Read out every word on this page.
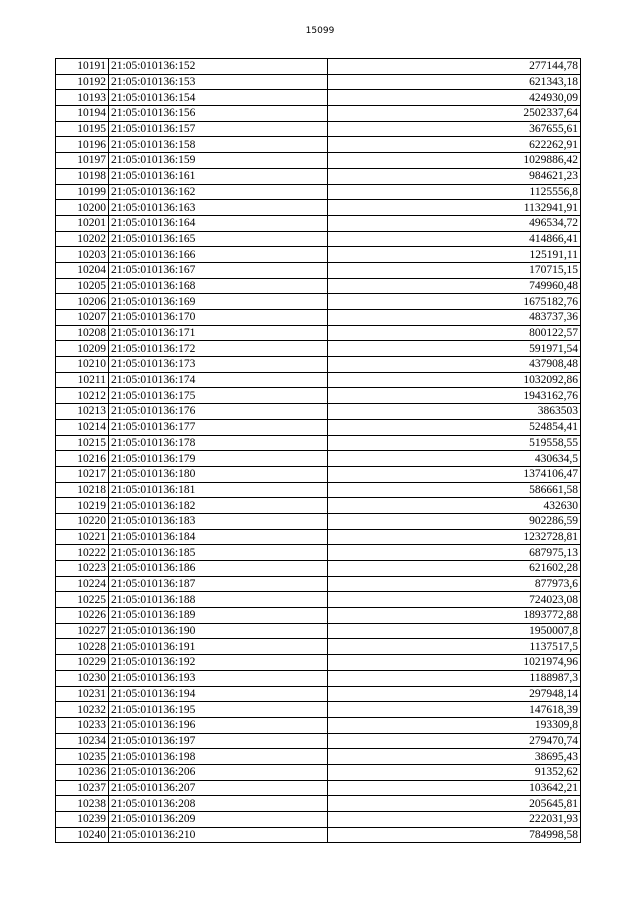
15099
10191	21:05:010136:152	277144,78
10192	21:05:010136:153	621343,18
10193	21:05:010136:154	424930,09
10194	21:05:010136:156	2502337,64
10195	21:05:010136:157	367655,61
10196	21:05:010136:158	622262,91
10197	21:05:010136:159	1029886,42
10198	21:05:010136:161	984621,23
10199	21:05:010136:162	1125556,8
10200	21:05:010136:163	1132941,91
10201	21:05:010136:164	496534,72
10202	21:05:010136:165	414866,41
10203	21:05:010136:166	125191,11
10204	21:05:010136:167	170715,15
10205	21:05:010136:168	749960,48
10206	21:05:010136:169	1675182,76
10207	21:05:010136:170	483737,36
10208	21:05:010136:171	800122,57
10209	21:05:010136:172	591971,54
10210	21:05:010136:173	437908,48
10211	21:05:010136:174	1032092,86
10212	21:05:010136:175	1943162,76
10213	21:05:010136:176	3863503
10214	21:05:010136:177	524854,41
10215	21:05:010136:178	519558,55
10216	21:05:010136:179	430634,5
10217	21:05:010136:180	1374106,47
10218	21:05:010136:181	586661,58
10219	21:05:010136:182	432630
10220	21:05:010136:183	902286,59
10221	21:05:010136:184	1232728,81
10222	21:05:010136:185	687975,13
10223	21:05:010136:186	621602,28
10224	21:05:010136:187	877973,6
10225	21:05:010136:188	724023,08
10226	21:05:010136:189	1893772,88
10227	21:05:010136:190	1950007,8
10228	21:05:010136:191	1137517,5
10229	21:05:010136:192	1021974,96
10230	21:05:010136:193	1188987,3
10231	21:05:010136:194	297948,14
10232	21:05:010136:195	147618,39
10233	21:05:010136:196	193309,8
10234	21:05:010136:197	279470,74
10235	21:05:010136:198	38695,43
10236	21:05:010136:206	91352,62
10237	21:05:010136:207	103642,21
10238	21:05:010136:208	205645,81
10239	21:05:010136:209	222031,93
10240	21:05:010136:210	784998,58
